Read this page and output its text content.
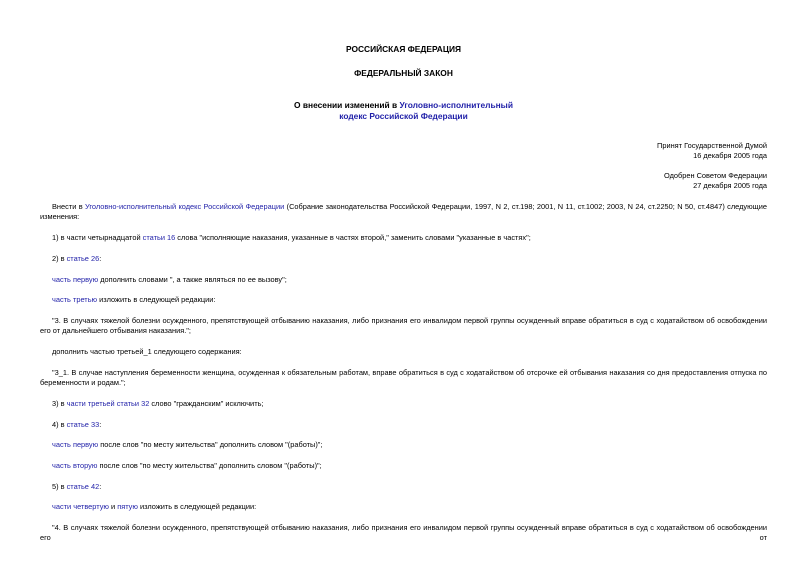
РОССИЙСКАЯ ФЕДЕРАЦИЯ
ФЕДЕРАЛЬНЫЙ ЗАКОН
О внесении изменений в Уголовно-исполнительный
кодекс Российской Федерации
Принят Государственной Думой
16 декабря 2005 года
Одобрен Советом Федерации
27 декабря 2005 года
Внести в Уголовно-исполнительный кодекс Российской Федерации (Собрание законодательства Российской Федерации, 1997, N 2, ст.198; 2001, N 11, ст.1002; 2003, N 24, ст.2250; N 50, ст.4847) следующие изменения:
1) в части четырнадцатой статьи 16 слова "исполняющие наказания, указанные в частях второй," заменить словами "указанные в частях";
2) в статье 26:
часть первую дополнить словами ", а также являться по ее вызову";
часть третью изложить в следующей редакции:
"3. В случаях тяжелой болезни осужденного, препятствующей отбыванию наказания, либо признания его инвалидом первой группы осужденный вправе обратиться в суд с ходатайством об освобождении его от дальнейшего отбывания наказания.";
дополнить частью третьей_1 следующего содержания:
"3_1. В случае наступления беременности женщина, осужденная к обязательным работам, вправе обратиться в суд с ходатайством об отсрочке ей отбывания наказания со дня предоставления отпуска по беременности и родам.";
3) в части третьей статьи 32 слово "гражданским" исключить;
4) в статье 33:
часть первую после слов "по месту жительства" дополнить словом "(работы)";
часть вторую после слов "по месту жительства" дополнить словом "(работы)";
5) в статье 42:
части четвертую и пятую изложить в следующей редакции:
"4. В случаях тяжелой болезни осужденного, препятствующей отбыванию наказания, либо признания его инвалидом первой группы осужденный вправе обратиться в суд с ходатайством об освобождении его от
